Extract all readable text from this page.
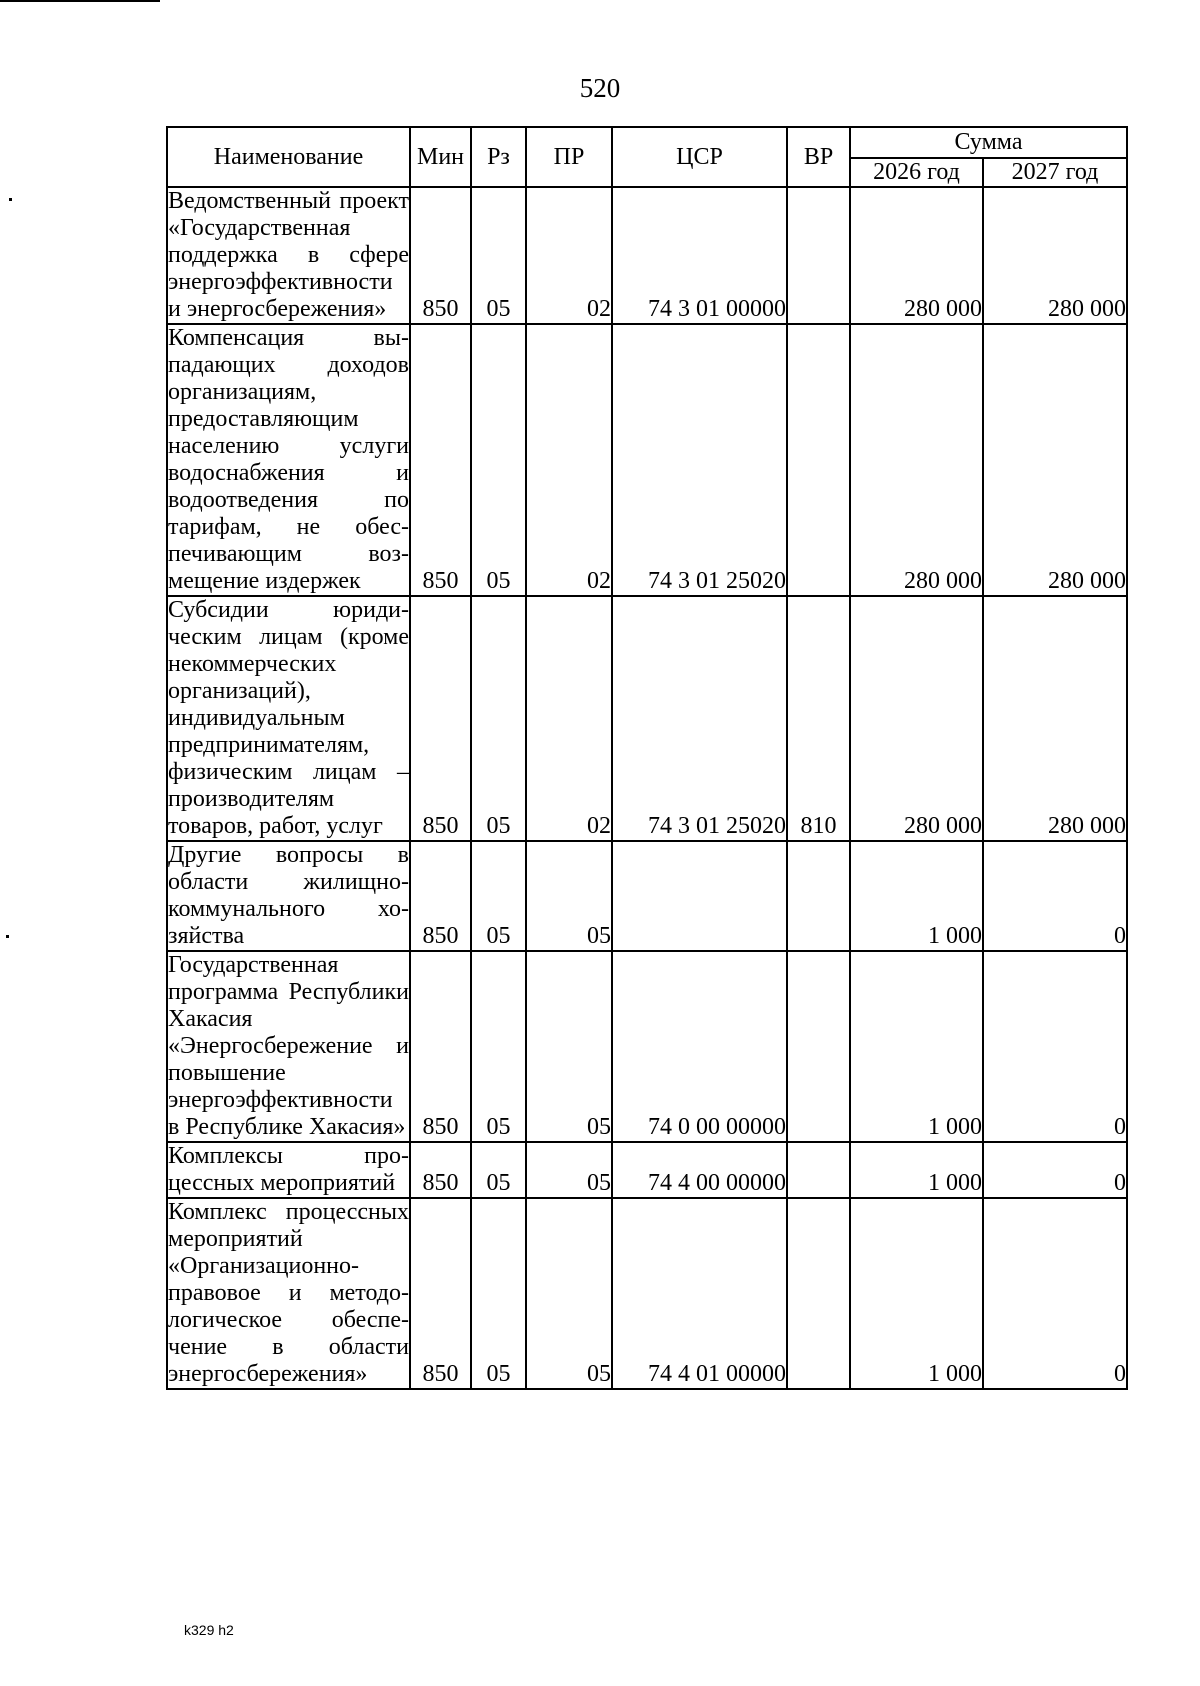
520
Наименование	Мин	Рз	ПР	ЦСР	ВР	Сумма	
						2026 год	2027 год
Ведомственный проект «Государственная поддержка в сфере энергоэффективности и энергосбережения»	850	05	02	74 3 01 00000		280 000	280 000
Компенсация выпадающих доходов организациям, предоставляющим населению услуги водоснабжения и водоотведения по тарифам, не обеспечивающим возмещение издержек	850	05	02	74 3 01 25020		280 000	280 000
Субсидии юридическим лицам (кроме некоммерческих организаций), индивидуальным предпринимателям, физическим лицам – производителям товаров, работ, услуг	850	05	02	74 3 01 25020	810	280 000	280 000
Другие вопросы в области жилищно-коммунального хозяйства	850	05	05			1 000	0
Государственная программа Республики Хакасия «Энергосбережение и повышение энергоэффективности в Республике Хакасия»	850	05	05	74 0 00 00000		1 000	0
Комплексы процессных мероприятий	850	05	05	74 4 00 00000		1 000	0
Комплекс процессных мероприятий «Организационно-правовое и методологическое обеспечение в области энергосбережения»	850	05	05	74 4 01 00000		1 000	0
k329 h2
